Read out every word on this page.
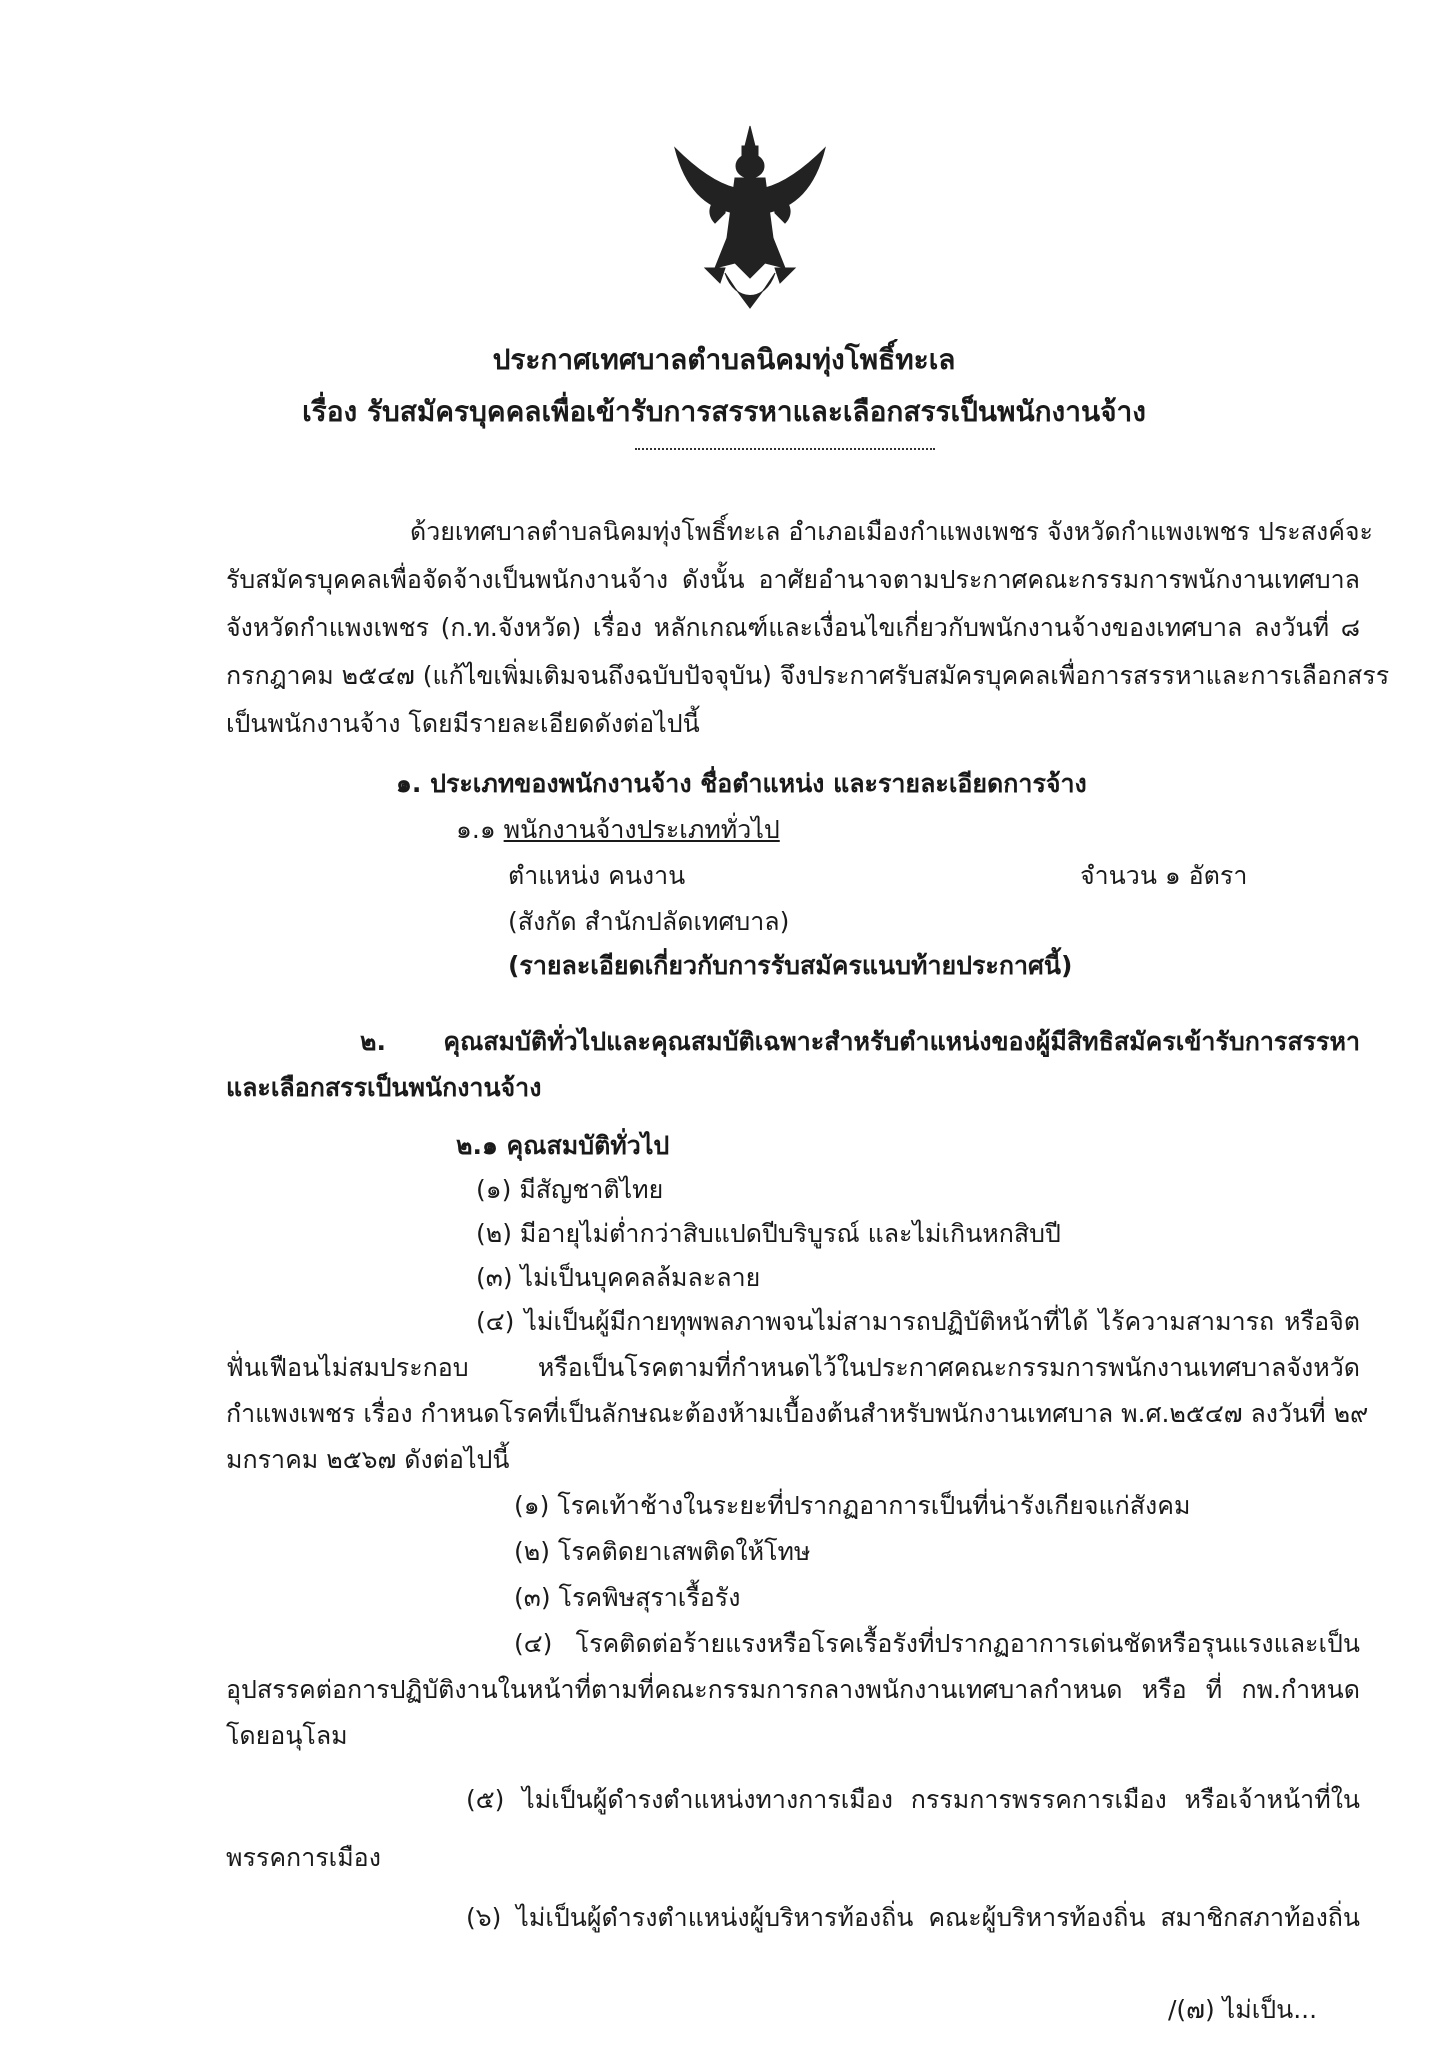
ประกาศเทศบาลตำบลนิคมทุ่งโพธิ์ทะเล
เรื่อง รับสมัครบุคคลเพื่อเข้ารับการสรรหาและเลือกสรรเป็นพนักงานจ้าง
ด้วยเทศบาลตำบลนิคมทุ่งโพธิ์ทะเล อำเภอเมืองกำแพงเพชร จังหวัดกำแพงเพชร ประสงค์จะ
รับสมัครบุคคลเพื่อจัดจ้างเป็นพนักงานจ้าง ดังนั้น อาศัยอำนาจตามประกาศคณะกรรมการพนักงานเทศบาล
จังหวัดกำแพงเพชร (ก.ท.จังหวัด) เรื่อง หลักเกณฑ์และเงื่อนไขเกี่ยวกับพนักงานจ้างของเทศบาล ลงวันที่ ๘
กรกฎาคม ๒๕๔๗ (แก้ไขเพิ่มเติมจนถึงฉบับปัจจุบัน) จึงประกาศรับสมัครบุคคลเพื่อการสรรหาและการเลือกสรร
เป็นพนักงานจ้าง โดยมีรายละเอียดดังต่อไปนี้
๑. ประเภทของพนักงานจ้าง ชื่อตำแหน่ง และรายละเอียดการจ้าง
๑.๑ พนักงานจ้างประเภททั่วไป
ตำแหน่ง คนงาน	จำนวน ๑ อัตรา
(สังกัด สำนักปลัดเทศบาล)
(รายละเอียดเกี่ยวกับการรับสมัครแนบท้ายประกาศนี้)
๒. คุณสมบัติทั่วไปและคุณสมบัติเฉพาะสำหรับตำแหน่งของผู้มีสิทธิสมัครเข้ารับการสรรหา
และเลือกสรรเป็นพนักงานจ้าง
๒.๑ คุณสมบัติทั่วไป
(๑) มีสัญชาติไทย
(๒) มีอายุไม่ต่ำกว่าสิบแปดปีบริบูรณ์ และไม่เกินหกสิบปี
(๓) ไม่เป็นบุคคลล้มละลาย
(๔) ไม่เป็นผู้มีกายทุพพลภาพจนไม่สามารถปฏิบัติหน้าที่ได้ ไร้ความสามารถ หรือจิต
ฟั่นเฟือนไม่สมประกอบ หรือเป็นโรคตามที่กำหนดไว้ในประกาศคณะกรรมการพนักงานเทศบาลจังหวัด
กำแพงเพชร เรื่อง กำหนดโรคที่เป็นลักษณะต้องห้ามเบื้องต้นสำหรับพนักงานเทศบาล พ.ศ.๒๕๔๗ ลงวันที่ ๒๙
มกราคม ๒๕๖๗ ดังต่อไปนี้
(๑) โรคเท้าช้างในระยะที่ปรากฏอาการเป็นที่น่ารังเกียจแก่สังคม
(๒) โรคติดยาเสพติดให้โทษ
(๓) โรคพิษสุราเรื้อรัง
(๔) โรคติดต่อร้ายแรงหรือโรคเรื้อรังที่ปรากฏอาการเด่นชัดหรือรุนแรงและเป็น
อุปสรรคต่อการปฏิบัติงานในหน้าที่ตามที่คณะกรรมการกลางพนักงานเทศบาลกำหนด หรือ ที่ กพ.กำหนด
โดยอนุโลม
(๕) ไม่เป็นผู้ดำรงตำแหน่งทางการเมือง กรรมการพรรคการเมือง หรือเจ้าหน้าที่ใน
พรรคการเมือง
(๖) ไม่เป็นผู้ดำรงตำแหน่งผู้บริหารท้องถิ่น คณะผู้บริหารท้องถิ่น สมาชิกสภาท้องถิ่น
/(๗) ไม่เป็น...
